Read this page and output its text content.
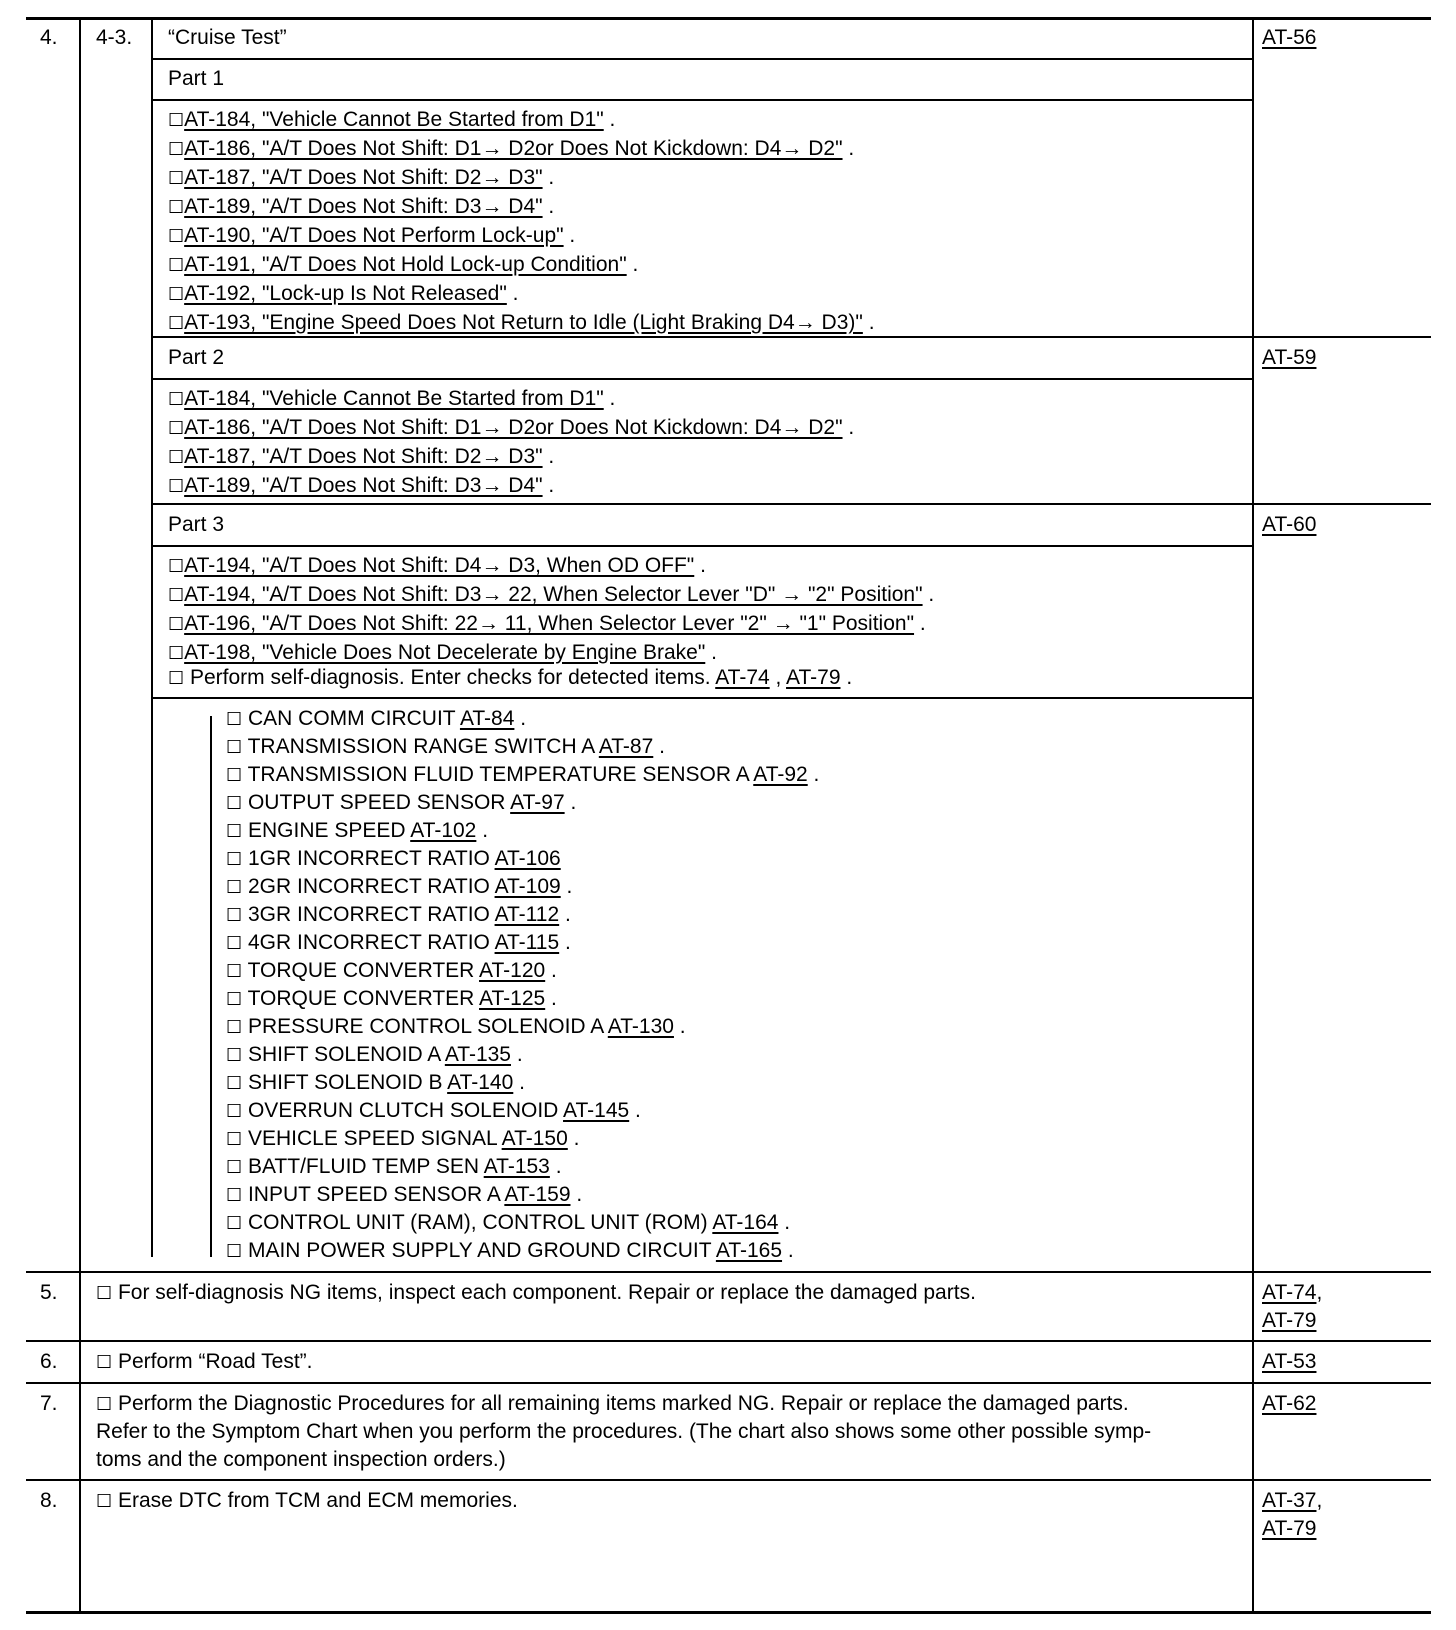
4. 4-3. “Cruise Test”	AT-56
Part 1
☐AT-184, "Vehicle Cannot Be Started from D1" .
☐AT-186, "A/T Does Not Shift: D1→ D2or Does Not Kickdown: D4→ D2" .
☐AT-187, "A/T Does Not Shift: D2→ D3" .
☐AT-189, "A/T Does Not Shift: D3→ D4" .
☐AT-190, "A/T Does Not Perform Lock-up" .
☐AT-191, "A/T Does Not Hold Lock-up Condition" .
☐AT-192, "Lock-up Is Not Released" .
☐AT-193, "Engine Speed Does Not Return to Idle (Light Braking D4→ D3)" .
Part 2	AT-59
☐AT-184, "Vehicle Cannot Be Started from D1" .
☐AT-186, "A/T Does Not Shift: D1→ D2or Does Not Kickdown: D4→ D2" .
☐AT-187, "A/T Does Not Shift: D2→ D3" .
☐AT-189, "A/T Does Not Shift: D3→ D4" .
Part 3	AT-60
☐AT-194, "A/T Does Not Shift: D4→ D3, When OD OFF" .
☐AT-194, "A/T Does Not Shift: D3→ 22, When Selector Lever "D" → "2" Position" .
☐AT-196, "A/T Does Not Shift: 22→ 11, When Selector Lever "2" → "1" Position" .
☐AT-198, "Vehicle Does Not Decelerate by Engine Brake" .
☐ Perform self-diagnosis. Enter checks for detected items. AT-74 , AT-79 .
☐ CAN COMM CIRCUIT AT-84 .
☐ TRANSMISSION RANGE SWITCH A AT-87 .
☐ TRANSMISSION FLUID TEMPERATURE SENSOR A AT-92 .
☐ OUTPUT SPEED SENSOR AT-97 .
☐ ENGINE SPEED AT-102 .
☐ 1GR INCORRECT RATIO AT-106
☐ 2GR INCORRECT RATIO AT-109 .
☐ 3GR INCORRECT RATIO AT-112 .
☐ 4GR INCORRECT RATIO AT-115 .
☐ TORQUE CONVERTER AT-120 .
☐ TORQUE CONVERTER AT-125 .
☐ PRESSURE CONTROL SOLENOID A AT-130 .
☐ SHIFT SOLENOID A AT-135 .
☐ SHIFT SOLENOID B AT-140 .
☐ OVERRUN CLUTCH SOLENOID AT-145 .
☐ VEHICLE SPEED SIGNAL AT-150 .
☐ BATT/FLUID TEMP SEN AT-153 .
☐ INPUT SPEED SENSOR A AT-159 .
☐ CONTROL UNIT (RAM), CONTROL UNIT (ROM) AT-164 .
☐ MAIN POWER SUPPLY AND GROUND CIRCUIT AT-165 .
5. ☐ For self-diagnosis NG items, inspect each component. Repair or replace the damaged parts.	AT-74,
AT-79
6. ☐ Perform “Road Test”.	AT-53
7. ☐ Perform the Diagnostic Procedures for all remaining items marked NG. Repair or replace the damaged parts.
Refer to the Symptom Chart when you perform the procedures. (The chart also shows some other possible symp-
toms and the component inspection orders.)
AT-62
8. ☐ Erase DTC from TCM and ECM memories.	AT-37,
AT-79
